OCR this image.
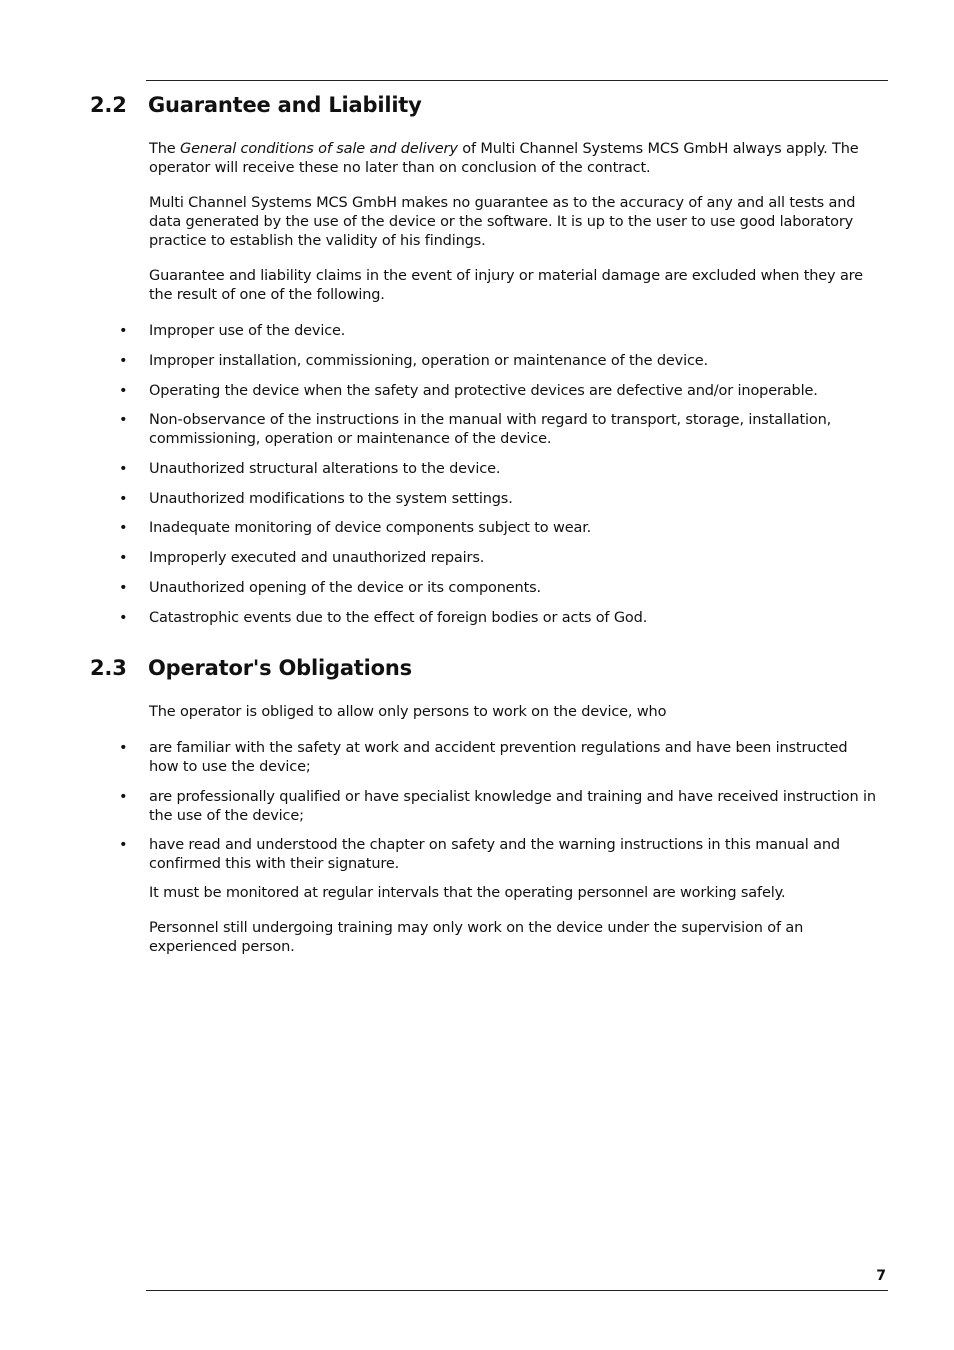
2.2 Guarantee and Liability

The General conditions of sale and delivery of Multi Channel Systems MCS GmbH always apply. The operator will receive these no later than on conclusion of the contract.

Multi Channel Systems MCS GmbH makes no guarantee as to the accuracy of any and all tests and data generated by the use of the device or the software. It is up to the user to use good laboratory practice to establish the validity of his findings.

Guarantee and liability claims in the event of injury or material damage are excluded when they are the result of one of the following.

• Improper use of the device.
• Improper installation, commissioning, operation or maintenance of the device.
• Operating the device when the safety and protective devices are defective and/or inoperable.
• Non-observance of the instructions in the manual with regard to transport, storage, installation, commissioning, operation or maintenance of the device.
• Unauthorized structural alterations to the device.
• Unauthorized modifications to the system settings.
• Inadequate monitoring of device components subject to wear.
• Improperly executed and unauthorized repairs.
• Unauthorized opening of the device or its components.
• Catastrophic events due to the effect of foreign bodies or acts of God.
2.3 Operator's Obligations

The operator is obliged to allow only persons to work on the device, who

• are familiar with the safety at work and accident prevention regulations and have been instructed how to use the device;
• are professionally qualified or have specialist knowledge and training and have received instruction in the use of the device;
• have read and understood the chapter on safety and the warning instructions in this manual and confirmed this with their signature.

It must be monitored at regular intervals that the operating personnel are working safely.

Personnel still undergoing training may only work on the device under the supervision of an experienced person.

7
